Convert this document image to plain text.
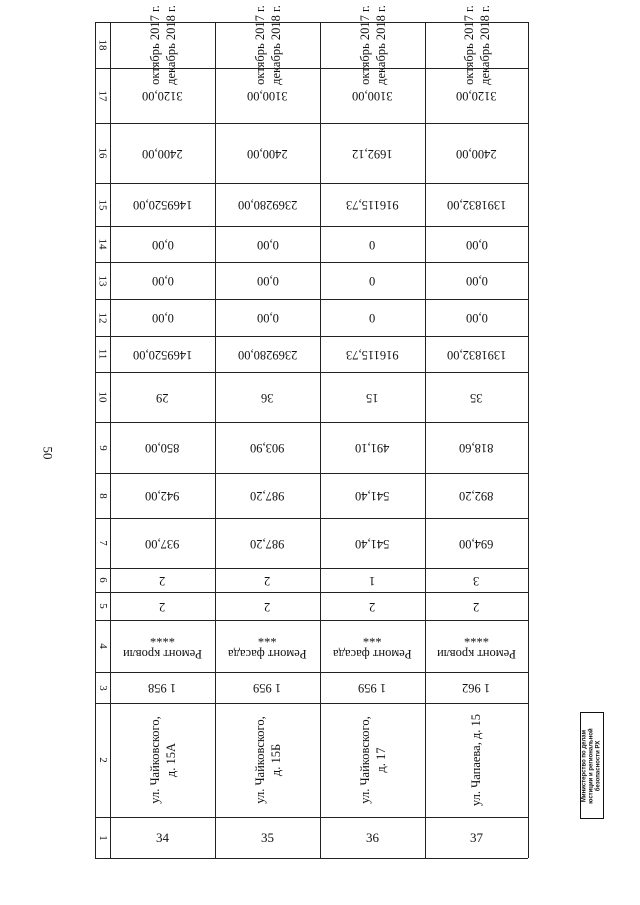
50
Министерство по делам юстиции и региональной безопасности РХ
1
2
3
4
5
6
7
8
9
10
11
12
13
14
15
16
17
18
34
ул. Чайковского, д. 15А
1 958
Ремонт кровли
****
2
2
937,00
942,00
850,00
29
1469520,00
0,00
0,00
0,00
1469520,00
2400,00
3120,00
октябрь 2017 г. декабрь 2018 г.
35
ул. Чайковского, д. 15Б
1 959
Ремонт фасада
***
2
2
987,20
987,20
903,90
36
2369280,00
0,00
0,00
0,00
2369280,00
2400,00
3100,00
октябрь 2017 г. декабрь 2018 г.
36
ул. Чайковского, д. 17
1 959
Ремонт фасада
***
2
1
541,40
541,40
491,10
15
916115,73
0
0
0
916115,73
1692,12
3100,00
октябрь 2017 г. декабрь 2018 г.
37
ул. Чапаева, д. 15
1 962
Ремонт кровли
****
2
3
694,00
892,20
818,60
35
1391832,00
0,00
0,00
0,00
1391832,00
2400,00
3120,00
октябрь 2017 г. декабрь 2018 г.
